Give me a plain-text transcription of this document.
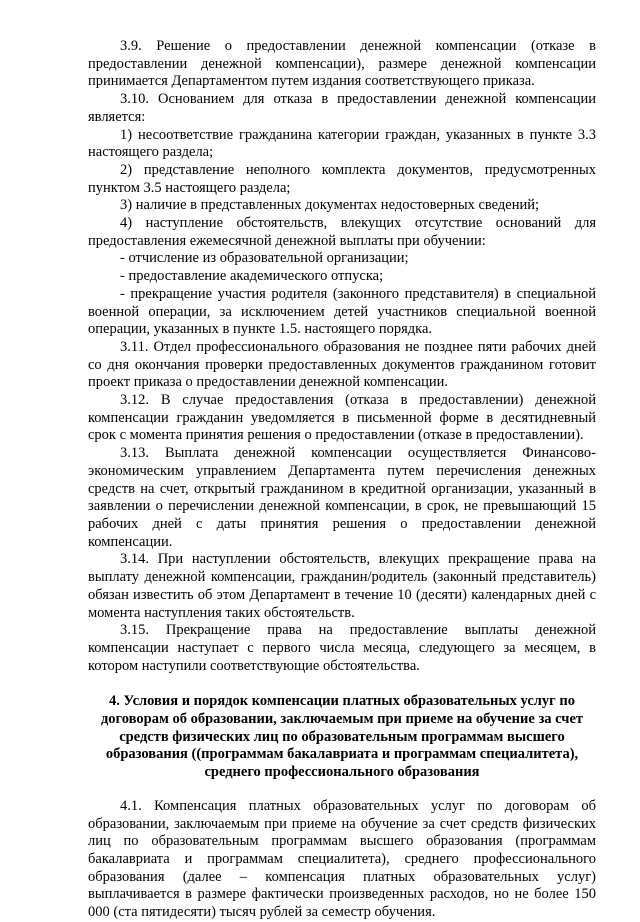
3.9. Решение о предоставлении денежной компенсации (отказе в предоставлении денежной компенсации), размере денежной компенсации принимается Департаментом путем издания соответствующего приказа.

3.10. Основанием для отказа в предоставлении денежной компенсации является:

1) несоответствие гражданина категории граждан, указанных в пункте 3.3 настоящего раздела;

2) представление неполного комплекта документов, предусмотренных пунктом 3.5 настоящего раздела;

3) наличие в представленных документах недостоверных сведений;

4) наступление обстоятельств, влекущих отсутствие оснований для предоставления ежемесячной денежной выплаты при обучении:

- отчисление из образовательной организации;

- предоставление академического отпуска;

- прекращение участия родителя (законного представителя) в специальной военной операции, за исключением детей участников специальной военной операции, указанных в пункте 1.5. настоящего порядка.

3.11. Отдел профессионального образования не позднее пяти рабочих дней со дня окончания проверки предоставленных документов гражданином готовит проект приказа о предоставлении денежной компенсации.

3.12. В случае предоставления (отказа в предоставлении) денежной компенсации гражданин уведомляется в письменной форме в десятидневный срок с момента принятия решения о предоставлении (отказе в предоставлении).

3.13. Выплата денежной компенсации осуществляется Финансово-экономическим управлением Департамента путем перечисления денежных средств на счет, открытый гражданином в кредитной организации, указанный в заявлении о перечислении денежной компенсации, в срок, не превышающий 15 рабочих дней с даты принятия решения о предоставлении денежной компенсации.

3.14. При наступлении обстоятельств, влекущих прекращение права на выплату денежной компенсации, гражданин/родитель (законный представитель) обязан известить об этом Департамент в течение 10 (десяти) календарных дней с момента наступления таких обстоятельств.

3.15. Прекращение права на предоставление выплаты денежной компенсации наступает с первого числа месяца, следующего за месяцем, в котором наступили соответствующие обстоятельства.

4. Условия и порядок компенсации платных образовательных услуг по договорам об образовании, заключаемым при приеме на обучение за счет средств физических лиц по образовательным программам высшего образования ((программам бакалавриата и программам специалитета), среднего профессионального образования

4.1. Компенсация платных образовательных услуг по договорам об образовании, заключаемым при приеме на обучение за счет средств физических лиц по образовательным программам высшего образования (программам бакалавриата и программам специалитета), среднего профессионального образования (далее – компенсация платных образовательных услуг) выплачивается в размере фактически произведенных расходов, но не более 150 000 (ста пятидесяти) тысяч рублей за семестр обучения.
